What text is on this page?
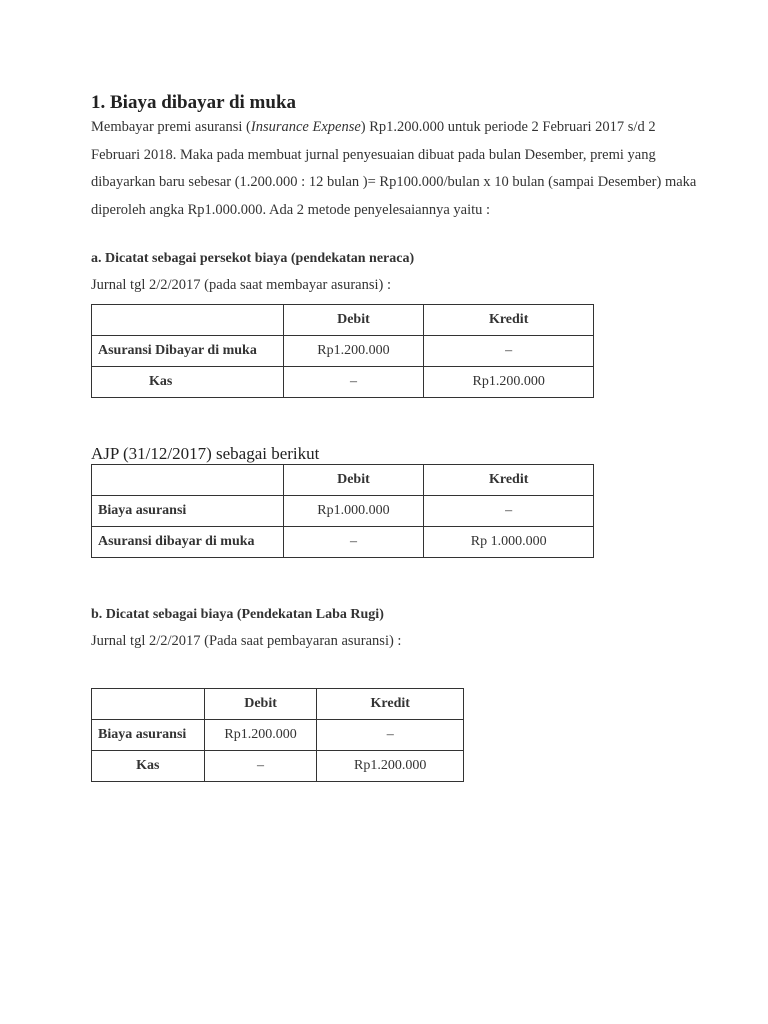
1. Biaya dibayar di muka

Membayar premi asuransi (Insurance Expense) Rp1.200.000 untuk periode 2 Februari 2017 s/d 2 Februari 2018. Maka pada membuat jurnal penyesuaian dibuat pada bulan Desember, premi yang dibayarkan baru sebesar (1.200.000 : 12 bulan )= Rp100.000/bulan x 10 bulan (sampai Desember) maka diperoleh angka Rp1.000.000. Ada 2 metode penyelesaiannya yaitu :

a. Dicatat sebagai persekot biaya (pendekatan neraca)

Jurnal tgl 2/2/2017 (pada saat membayar asuransi) :

	Debit	Kredit
Asuransi Dibayar di muka	Rp1.200.000	–
Kas	–	Rp1.200.000

AJP (31/12/2017) sebagai berikut

	Debit	Kredit
Biaya asuransi	Rp1.000.000	–
Asuransi dibayar di muka	–	Rp 1.000.000

b. Dicatat sebagai biaya (Pendekatan Laba Rugi)

Jurnal tgl 2/2/2017 (Pada saat pembayaran asuransi) :

	Debit	Kredit
Biaya asuransi	Rp1.200.000	–
Kas	–	Rp1.200.000
